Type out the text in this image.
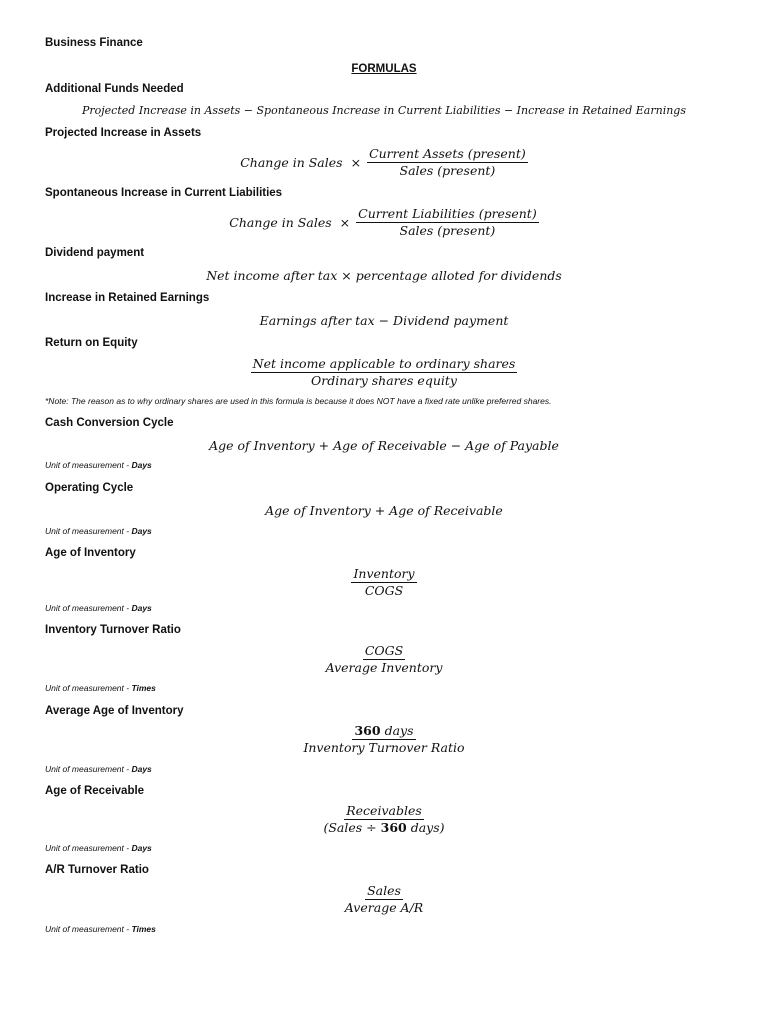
Business Finance
FORMULAS
Additional Funds Needed
Projected Increase in Assets − Spontaneous Increase in Current Liabilities − Increase in Retained Earnings
Projected Increase in Assets
Change in Sales × $\frac{\text{Current Assets (present)}}{\text{Sales (present)}}$
Spontaneous Increase in Current Liabilities
Change in Sales × $\frac{\text{Current Liabilities (present)}}{\text{Sales (present)}}$
Dividend payment
Net income after tax × percentage alloted for dividends
Increase in Retained Earnings
Earnings after tax − Dividend payment
Return on Equity
$\frac{\text{Net income applicable to ordinary shares}}{\text{Ordinary shares equity}}$
*Note: The reason as to why ordinary shares are used in this formula is because it does NOT have a fixed rate unlike preferred shares.
Cash Conversion Cycle
Age of Inventory + Age of Receivable − Age of Payable
Unit of measurement - Days
Operating Cycle
Age of Inventory + Age of Receivable
Unit of measurement - Days
Age of Inventory
$\frac{\text{Inventory}}{\text{COGS}}$
Unit of measurement - Days
Inventory Turnover Ratio
$\frac{\text{COGS}}{\text{Average Inventory}}$
Unit of measurement - Times
Average Age of Inventory
$\frac{\text{360 days}}{\text{Inventory Turnover Ratio}}$
Unit of measurement - Days
Age of Receivable
$\frac{\text{Receivables}}{\text{(Sales ÷ 360 days)}}$
Unit of measurement - Days
A/R Turnover Ratio
$\frac{\text{Sales}}{\text{Average A/R}}$
Unit of measurement - Times
